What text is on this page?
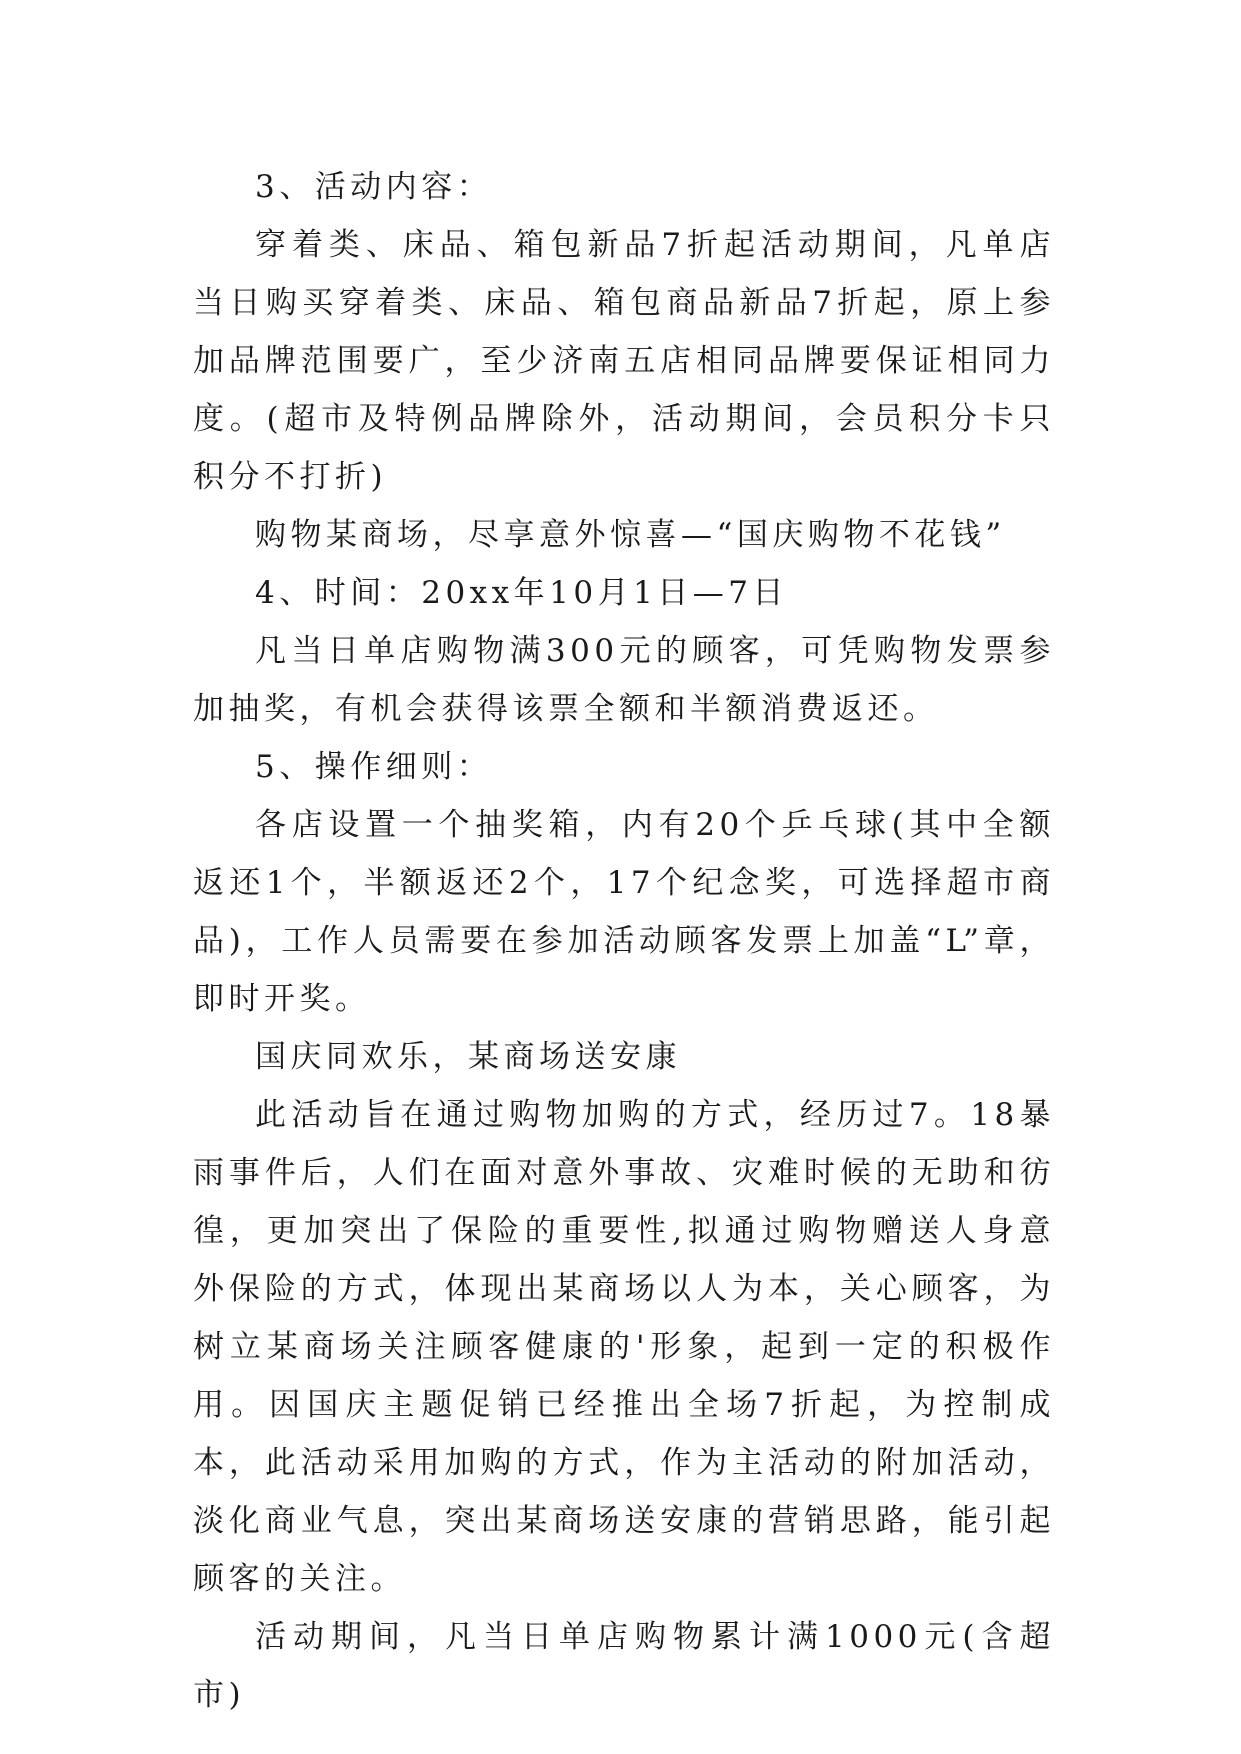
3、活动内容：

穿着类、床品、箱包新品7折起活动期间，凡单店当日购买穿着类、床品、箱包商品新品7折起，原上参加品牌范围要广，至少济南五店相同品牌要保证相同力度。(超市及特例品牌除外，活动期间，会员积分卡只积分不打折)

购物某商场，尽享意外惊喜—“国庆购物不花钱”

4、时间：20xx年10月1日—7日

凡当日单店购物满300元的顾客，可凭购物发票参加抽奖，有机会获得该票全额和半额消费返还。

5、操作细则：

各店设置一个抽奖箱，内有20个乒乓球(其中全额返还1个，半额返还2个，17个纪念奖，可选择超市商品)，工作人员需要在参加活动顾客发票上加盖“L”章，即时开奖。

国庆同欢乐，某商场送安康

此活动旨在通过购物加购的方式，经历过7。18暴雨事件后，人们在面对意外事故、灾难时候的无助和彷徨，更加突出了保险的重要性,拟通过购物赠送人身意外保险的方式，体现出某商场以人为本，关心顾客，为树立某商场关注顾客健康的'形象，起到一定的积极作用。因国庆主题促销已经推出全场7折起，为控制成本，此活动采用加购的方式，作为主活动的附加活动，淡化商业气息，突出某商场送安康的营销思路，能引起顾客的关注。

活动期间，凡当日单店购物累计满1000元(含超市)
